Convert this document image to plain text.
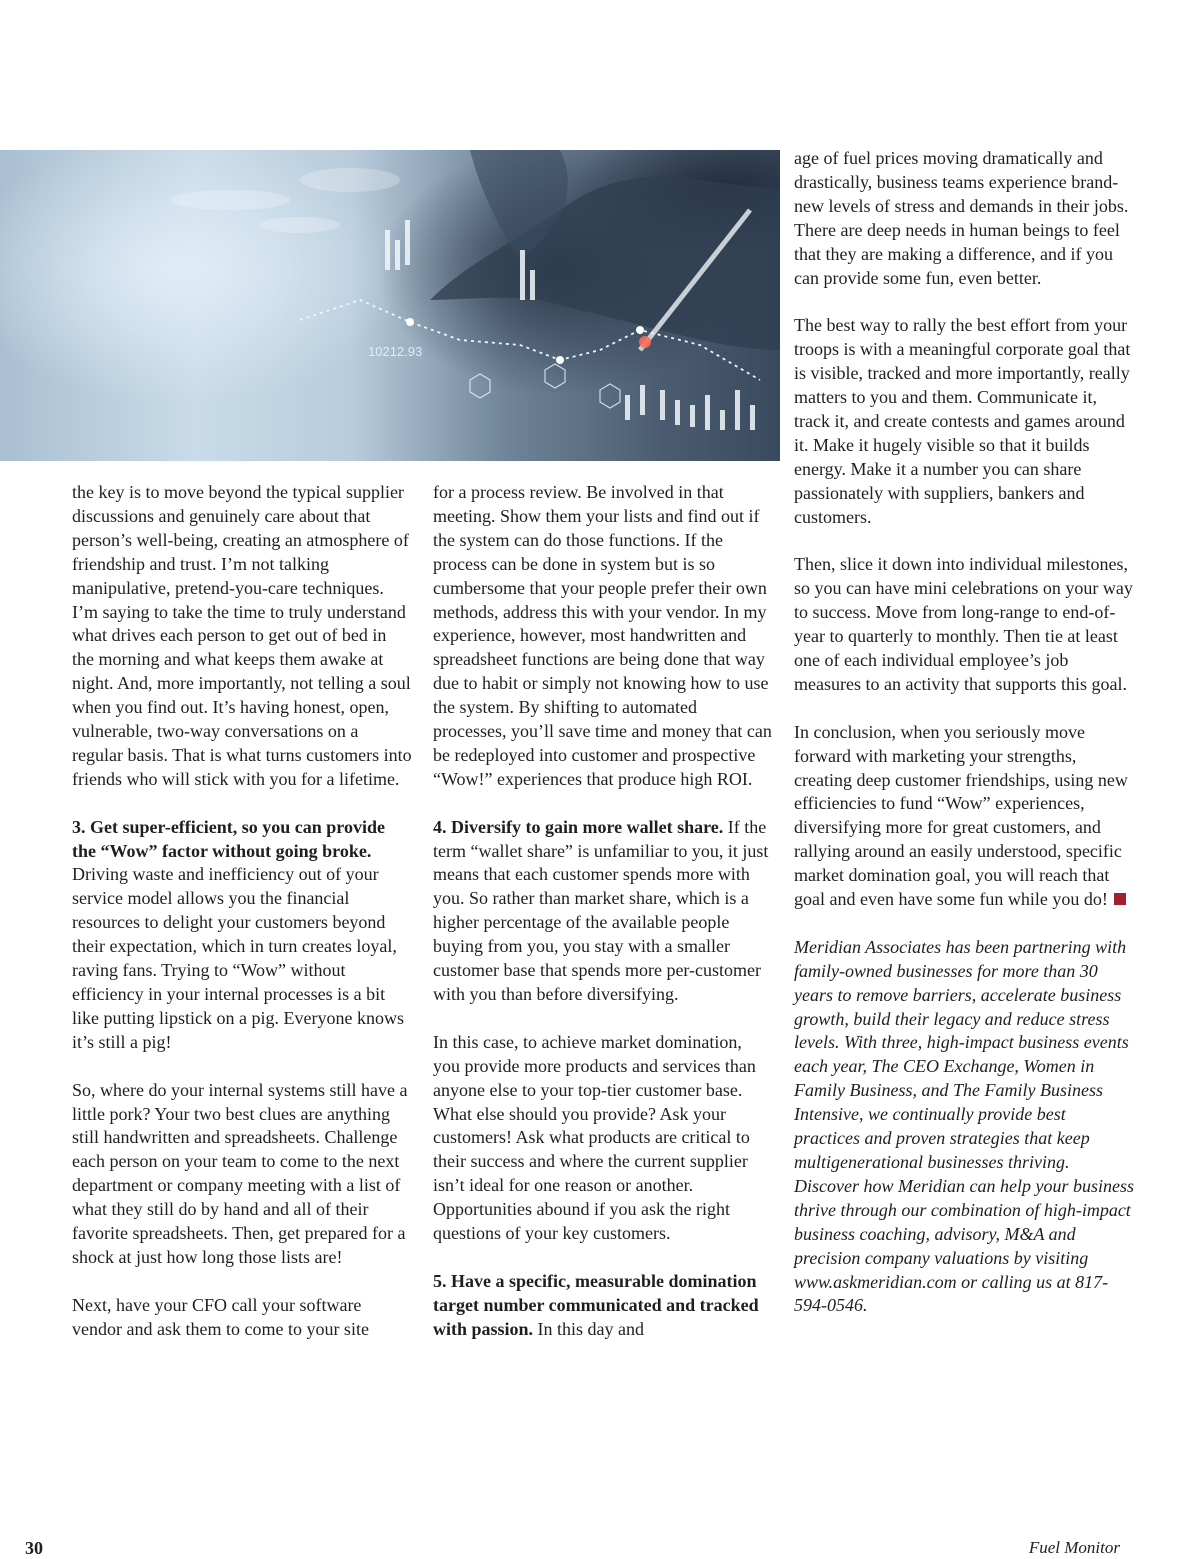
10212.93

the key is to move beyond the typical supplier discussions and genuinely care about that person’s well-being, creating an atmosphere of friendship and trust. I’m not talking manipulative, pretend-you-care techniques. I’m saying to take the time to truly understand what drives each person to get out of bed in the morning and what keeps them awake at night. And, more importantly, not telling a soul when you find out. It’s having honest, open, vulnerable, two-way conversations on a regular basis. That is what turns customers into friends who will stick with you for a lifetime.

3. Get super-efficient, so you can provide the “Wow” factor without going broke. Driving waste and inefficiency out of your service model allows you the financial resources to delight your customers beyond their expectation, which in turn creates loyal, raving fans. Trying to “Wow” without efficiency in your internal processes is a bit like putting lipstick on a pig. Everyone knows it’s still a pig!

So, where do your internal systems still have a little pork? Your two best clues are anything still handwritten and spreadsheets. Challenge each person on your team to come to the next department or company meeting with a list of what they still do by hand and all of their favorite spreadsheets. Then, get prepared for a shock at just how long those lists are!

Next, have your CFO call your software vendor and ask them to come to your site

for a process review. Be involved in that meeting. Show them your lists and find out if the system can do those functions. If the process can be done in system but is so cumbersome that your people prefer their own methods, address this with your vendor. In my experience, however, most handwritten and spreadsheet functions are being done that way due to habit or simply not knowing how to use the system. By shifting to automated processes, you’ll save time and money that can be redeployed into customer and prospective “Wow!” experiences that produce high ROI.

4. Diversify to gain more wallet share. If the term “wallet share” is unfamiliar to you, it just means that each customer spends more with you. So rather than market share, which is a higher percentage of the available people buying from you, you stay with a smaller customer base that spends more per-customer with you than before diversifying.

In this case, to achieve market domination, you provide more products and services than anyone else to your top-tier customer base. What else should you provide? Ask your customers! Ask what products are critical to their success and where the current supplier isn’t ideal for one reason or another. Opportunities abound if you ask the right questions of your key customers.

5. Have a specific, measurable domination target number communicated and tracked with passion. In this day and

age of fuel prices moving dramatically and drastically, business teams experience brand-new levels of stress and demands in their jobs. There are deep needs in human beings to feel that they are making a difference, and if you can provide some fun, even better.

The best way to rally the best effort from your troops is with a meaningful corporate goal that is visible, tracked and more importantly, really matters to you and them. Communicate it, track it, and create contests and games around it. Make it hugely visible so that it builds energy. Make it a number you can share passionately with suppliers, bankers and customers.

Then, slice it down into individual milestones, so you can have mini celebrations on your way to success. Move from long-range to end-of-year to quarterly to monthly. Then tie at least one of each individual employee’s job measures to an activity that supports this goal.

In conclusion, when you seriously move forward with marketing your strengths, creating deep customer friendships, using new efficiencies to fund “Wow” experiences, diversifying more for great customers, and rallying around an easily understood, specific market domination goal, you will reach that goal and even have some fun while you do!

Meridian Associates has been partnering with family-owned businesses for more than 30 years to remove barriers, accelerate business growth, build their legacy and reduce stress levels. With three, high-impact business events each year, The CEO Exchange, Women in Family Business, and The Family Business Intensive, we continually provide best practices and proven strategies that keep multigenerational businesses thriving. Discover how Meridian can help your business thrive through our combination of high-impact business coaching, advisory, M&A and precision company valuations by visiting www.askmeridian.com or calling us at 817-594-0546.

30	Fuel Monitor
